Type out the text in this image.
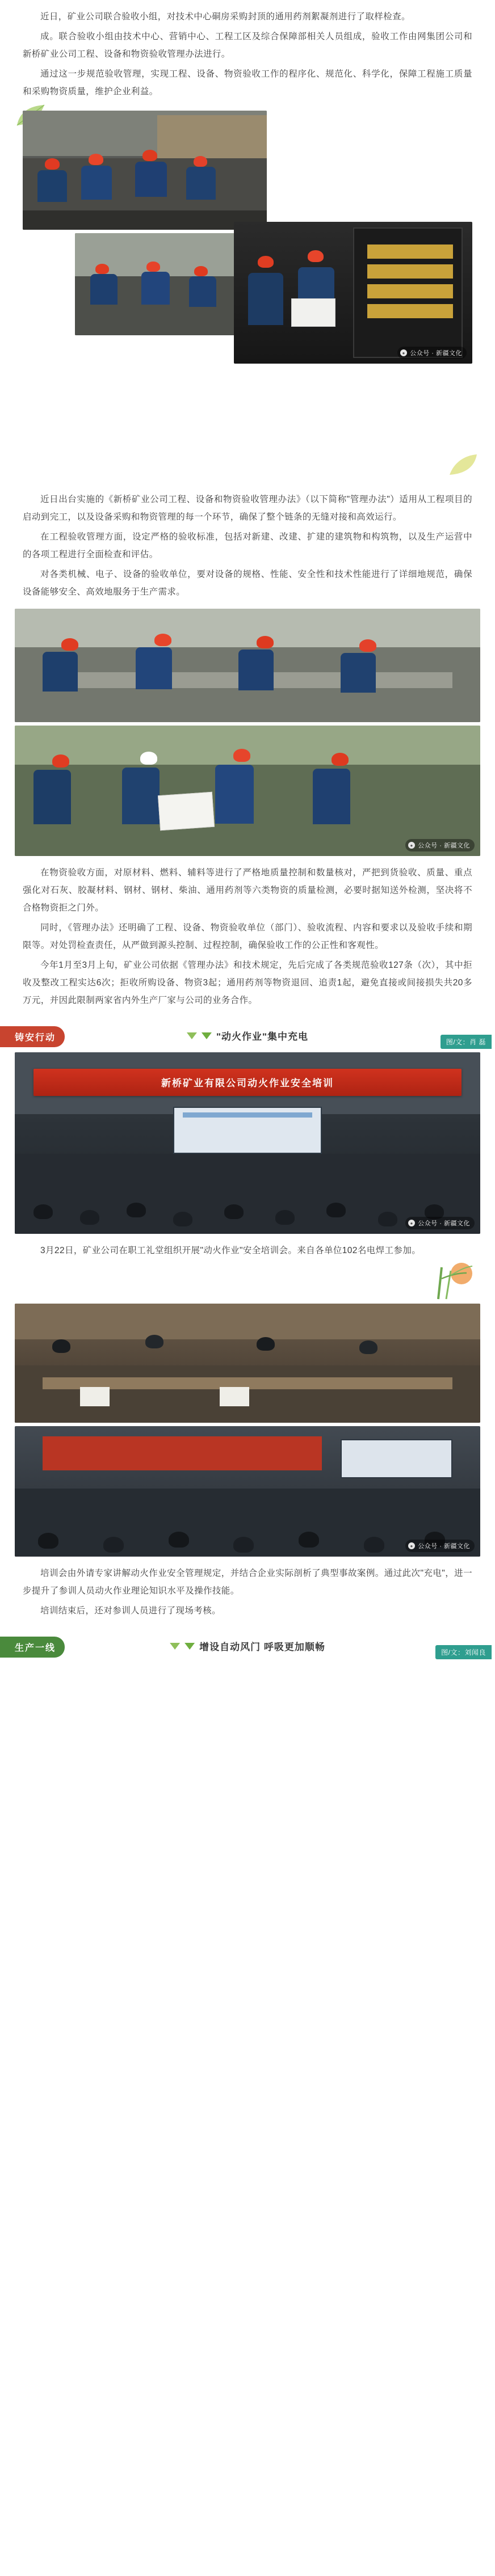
近日，矿业公司联合验收小组，对技术中心硐房采购封顶的通用药剂絮凝剂进行了取样检查。

成。联合验收小组由技术中心、营销中心、工程工区及综合保障部相关人员组成，验收工作由网集团公司和新桥矿业公司工程、设备和物资验收管理办法进行。

通过这一步规范验收管理，实现工程、设备、物资验收工作的程序化、规范化、科学化，保障工程施工质量和采购物资质量，维护企业利益。

● 公众号 · 新疆文化

近日出台实施的《新桥矿业公司工程、设备和物资验收管理办法》（以下简称"管理办法"）适用从工程项目的启动到完工，以及设备采购和物资管理的每一个环节，确保了整个链条的无缝对接和高效运行。

在工程验收管理方面，设定严格的验收标准，包括对新建、改建、扩建的建筑物和构筑物，以及生产运营中的各项工程进行全面检查和评估。

对各类机械、电子、设备的验收单位，要对设备的规格、性能、安全性和技术性能进行了详细地规范，确保设备能够安全、高效地服务于生产需求。

● 公众号 · 新疆文化

在物资验收方面，对原材料、燃料、辅料等进行了严格地质量控制和数量核对，严把到货验收、质量、重点强化对石灰、胶凝材料、钢材、钢材、柴油、通用药剂等六类物资的质量检测，必要时据知送外检测，坚决将不合格物资拒之门外。

同时，《管理办法》还明确了工程、设备、物资验收单位（部门）、验收流程、内容和要求以及验收手续和期限等。对处罚检查责任，从严做到源头控制、过程控制，确保验收工作的公正性和客观性。

今年1月至3月上旬，矿业公司依据《管理办法》和技术规定，先后完成了各类规范验收127条（次），其中拒收及整改工程实达6次；拒收所购设备、物资3起；通用药剂等物资退回、追责1起，避免直接或间接损失共20多万元，并因此限制两家省内外生产厂家与公司的业务合作。

铸安行动	"动火作业"集中充电	图/文：肖 磊
新桥矿业有限公司动火作业安全培训
● 公众号 · 新疆文化

3月22日，矿业公司在职工礼堂组织开展"动火作业"安全培训会。来自各单位102名电焊工参加。

● 公众号 · 新疆文化

培训会由外请专家讲解动火作业安全管理规定，并结合企业实际剖析了典型事故案例。通过此次"充电"，进一步提升了参训人员动火作业理论知识水平及操作技能。

培训结束后，还对参训人员进行了现场考核。

生产一线	增设自动风门 呼吸更加顺畅	图/文：刘闻良
